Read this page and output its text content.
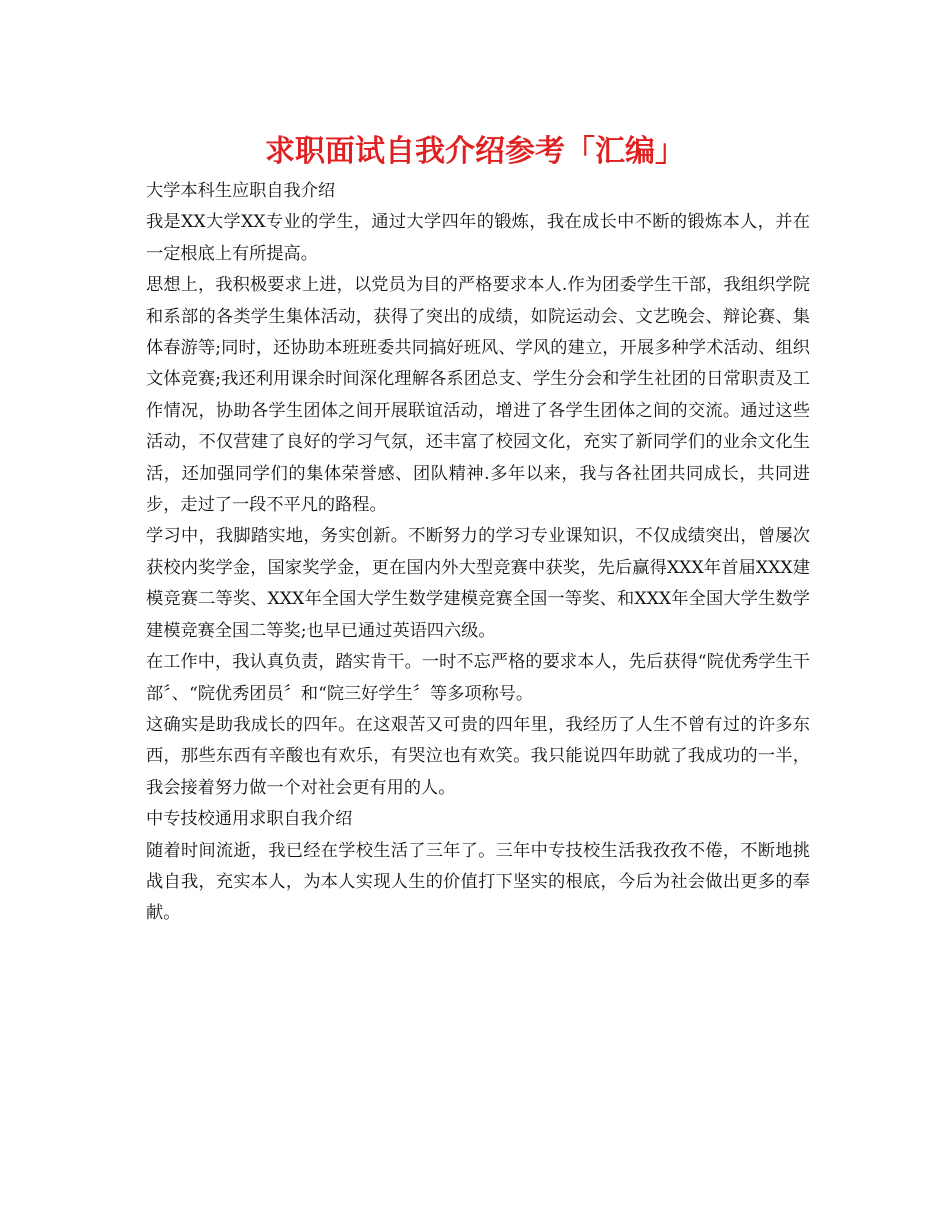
求职面试自我介绍参考「汇编」

大学本科生应职自我介绍

我是XX大学XX专业的学生，通过大学四年的锻炼，我在成长中不断的锻炼本人，并在一定根底上有所提高。

思想上，我积极要求上进，以党员为目的严格要求本人.作为团委学生干部，我组织学院和系部的各类学生集体活动，获得了突出的成绩，如院运动会、文艺晚会、辩论赛、集体春游等;同时，还协助本班班委共同搞好班风、学风的建立，开展多种学术活动、组织文体竞赛;我还利用课余时间深化理解各系团总支、学生分会和学生社团的日常职责及工作情况，协助各学生团体之间开展联谊活动，增进了各学生团体之间的交流。通过这些活动，不仅营建了良好的学习气氛，还丰富了校园文化，充实了新同学们的业余文化生活，还加强同学们的集体荣誉感、团队精神.多年以来，我与各社团共同成长，共同进步，走过了一段不平凡的路程。

学习中，我脚踏实地，务实创新。不断努力的学习专业课知识，不仅成绩突出，曾屡次获校内奖学金，国家奖学金，更在国内外大型竞赛中获奖，先后赢得XXX年首届XXX建模竞赛二等奖、XXX年全国大学生数学建模竞赛全国一等奖、和XXX年全国大学生数学建模竞赛全国二等奖;也早已通过英语四六级。

在工作中，我认真负责，踏实肯干。一时不忘严格的要求本人，先后获得“院优秀学生干部〞、“院优秀团员〞和“院三好学生〞等多项称号。

这确实是助我成长的四年。在这艰苦又可贵的四年里，我经历了人生不曾有过的许多东西，那些东西有辛酸也有欢乐，有哭泣也有欢笑。我只能说四年助就了我成功的一半，我会接着努力做一个对社会更有用的人。

中专技校通用求职自我介绍

随着时间流逝，我已经在学校生活了三年了。三年中专技校生活我孜孜不倦，不断地挑战自我，充实本人，为本人实现人生的价值打下坚实的根底，今后为社会做出更多的奉献。
